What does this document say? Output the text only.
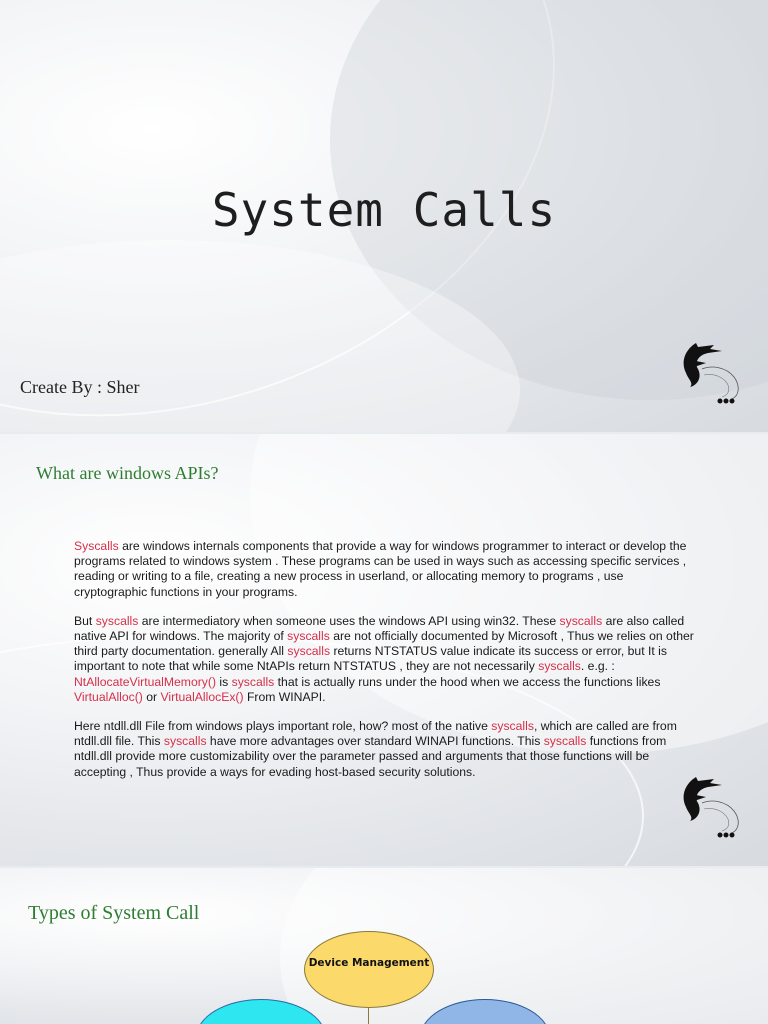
System Calls
Create By : Sher
What are windows APIs?

Syscalls are windows internals components that provide a way for windows programmer to interact or develop the programs related to windows system . These programs can be used in ways such as accessing specific services , reading or writing to a file, creating a new process in userland, or allocating memory to programs , use cryptographic functions in your programs.

But syscalls are intermediatory when someone uses the windows API using win32. These syscalls are also called native API for windows. The majority of syscalls are not officially documented by Microsoft , Thus we relies on other third party documentation. generally All syscalls returns NTSTATUS value indicate its success or error, but It is important to note that while some NtAPIs return NTSTATUS , they are not necessarily syscalls. e.g. : NtAllocateVirtualMemory() is syscalls that is actually runs under the hood when we access the functions likes VirtualAlloc() or VirtualAllocEx() From WINAPI.

Here ntdll.dll File from windows plays important role, how? most of the native syscalls, which are called are from ntdll.dll file. This syscalls have more advantages over standard WINAPI functions. This syscalls functions from ntdll.dll provide more customizability over the parameter passed and arguments that those functions will be accepting , Thus provide a ways for evading host-based security solutions.

Types of System Call
Device Management
